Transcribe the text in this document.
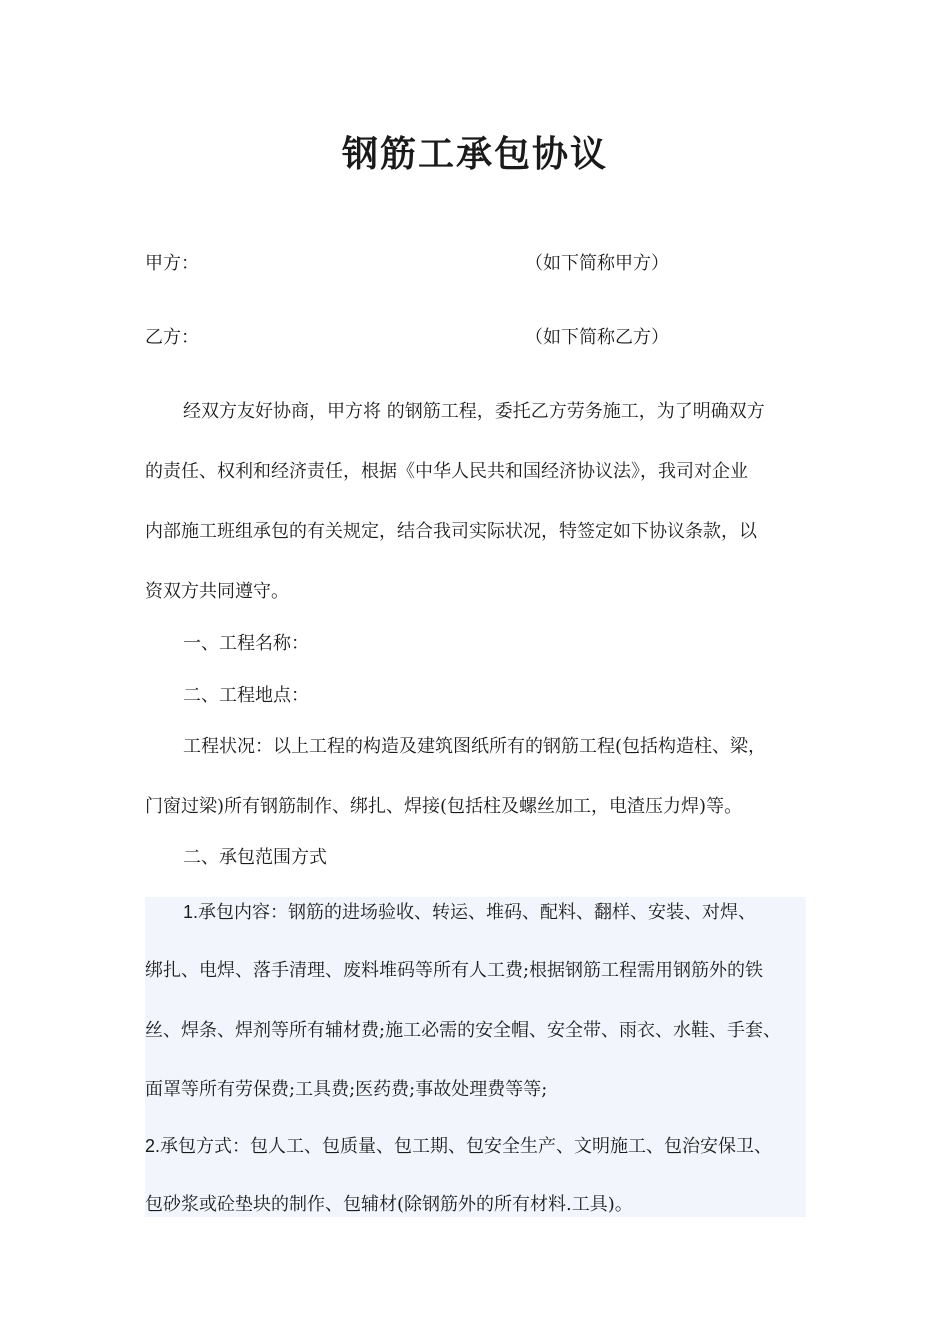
钢筋工承包协议
甲方：	（如下简称甲方）
乙方：	（如下简称乙方）
经双方友好协商，甲方将 的钢筋工程，委托乙方劳务施工，为了明确双方
的责任、权利和经济责任，根据《中华人民共和国经济协议法》，我司对企业
内部施工班组承包的有关规定，结合我司实际状况，特签定如下协议条款，以
资双方共同遵守。
一、工程名称：
二、工程地点：
工程状况：以上工程的构造及建筑图纸所有的钢筋工程(包括构造柱、梁，
门窗过梁)所有钢筋制作、绑扎、焊接(包括柱及螺丝加工，电渣压力焊)等。
二、承包范围方式
1.承包内容：钢筋的进场验收、转运、堆码、配料、翻样、安装、对焊、
绑扎、电焊、落手清理、废料堆码等所有人工费;根据钢筋工程需用钢筋外的铁
丝、焊条、焊剂等所有辅材费;施工必需的安全帽、安全带、雨衣、水鞋、手套、
面罩等所有劳保费;工具费;医药费;事故处理费等等;
2.承包方式：包人工、包质量、包工期、包安全生产、文明施工、包治安保卫、
包砂浆或砼垫块的制作、包辅材(除钢筋外的所有材料.工具)。
